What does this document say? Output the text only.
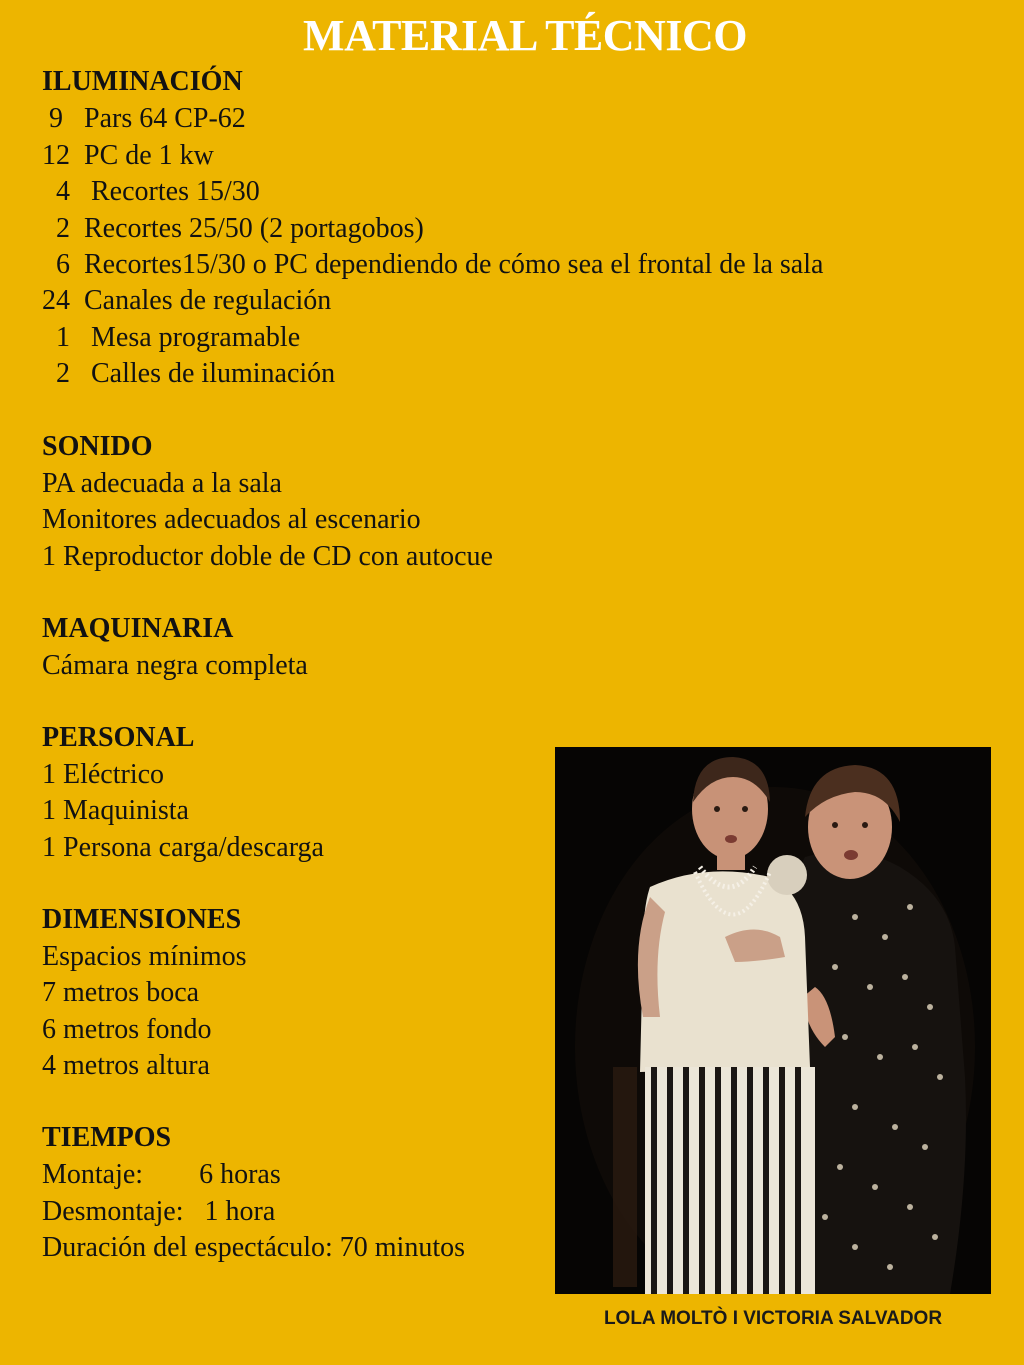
MATERIAL TÉCNICO
ILUMINACIÓN
9   Pars 64 CP-62
12  PC de 1 kw
4   Recortes 15/30
2  Recortes 25/50 (2 portagobos)
6  Recortes15/30 o PC dependiendo de cómo sea el frontal de la sala
24  Canales de regulación
1   Mesa programable
2   Calles de iluminación
SONIDO
PA adecuada a la sala
Monitores adecuados al escenario
1 Reproductor doble de CD con autocue
MAQUINARIA
Cámara negra completa
PERSONAL
1 Eléctrico
1 Maquinista
1 Persona carga/descarga
DIMENSIONES
Espacios mínimos
7 metros boca
6 metros fondo
4 metros altura
TIEMPOS
Montaje:        6 horas
Desmontaje:   1 hora
Duración del espectáculo: 70 minutos
LOLA MOLTÒ I VICTORIA SALVADOR
